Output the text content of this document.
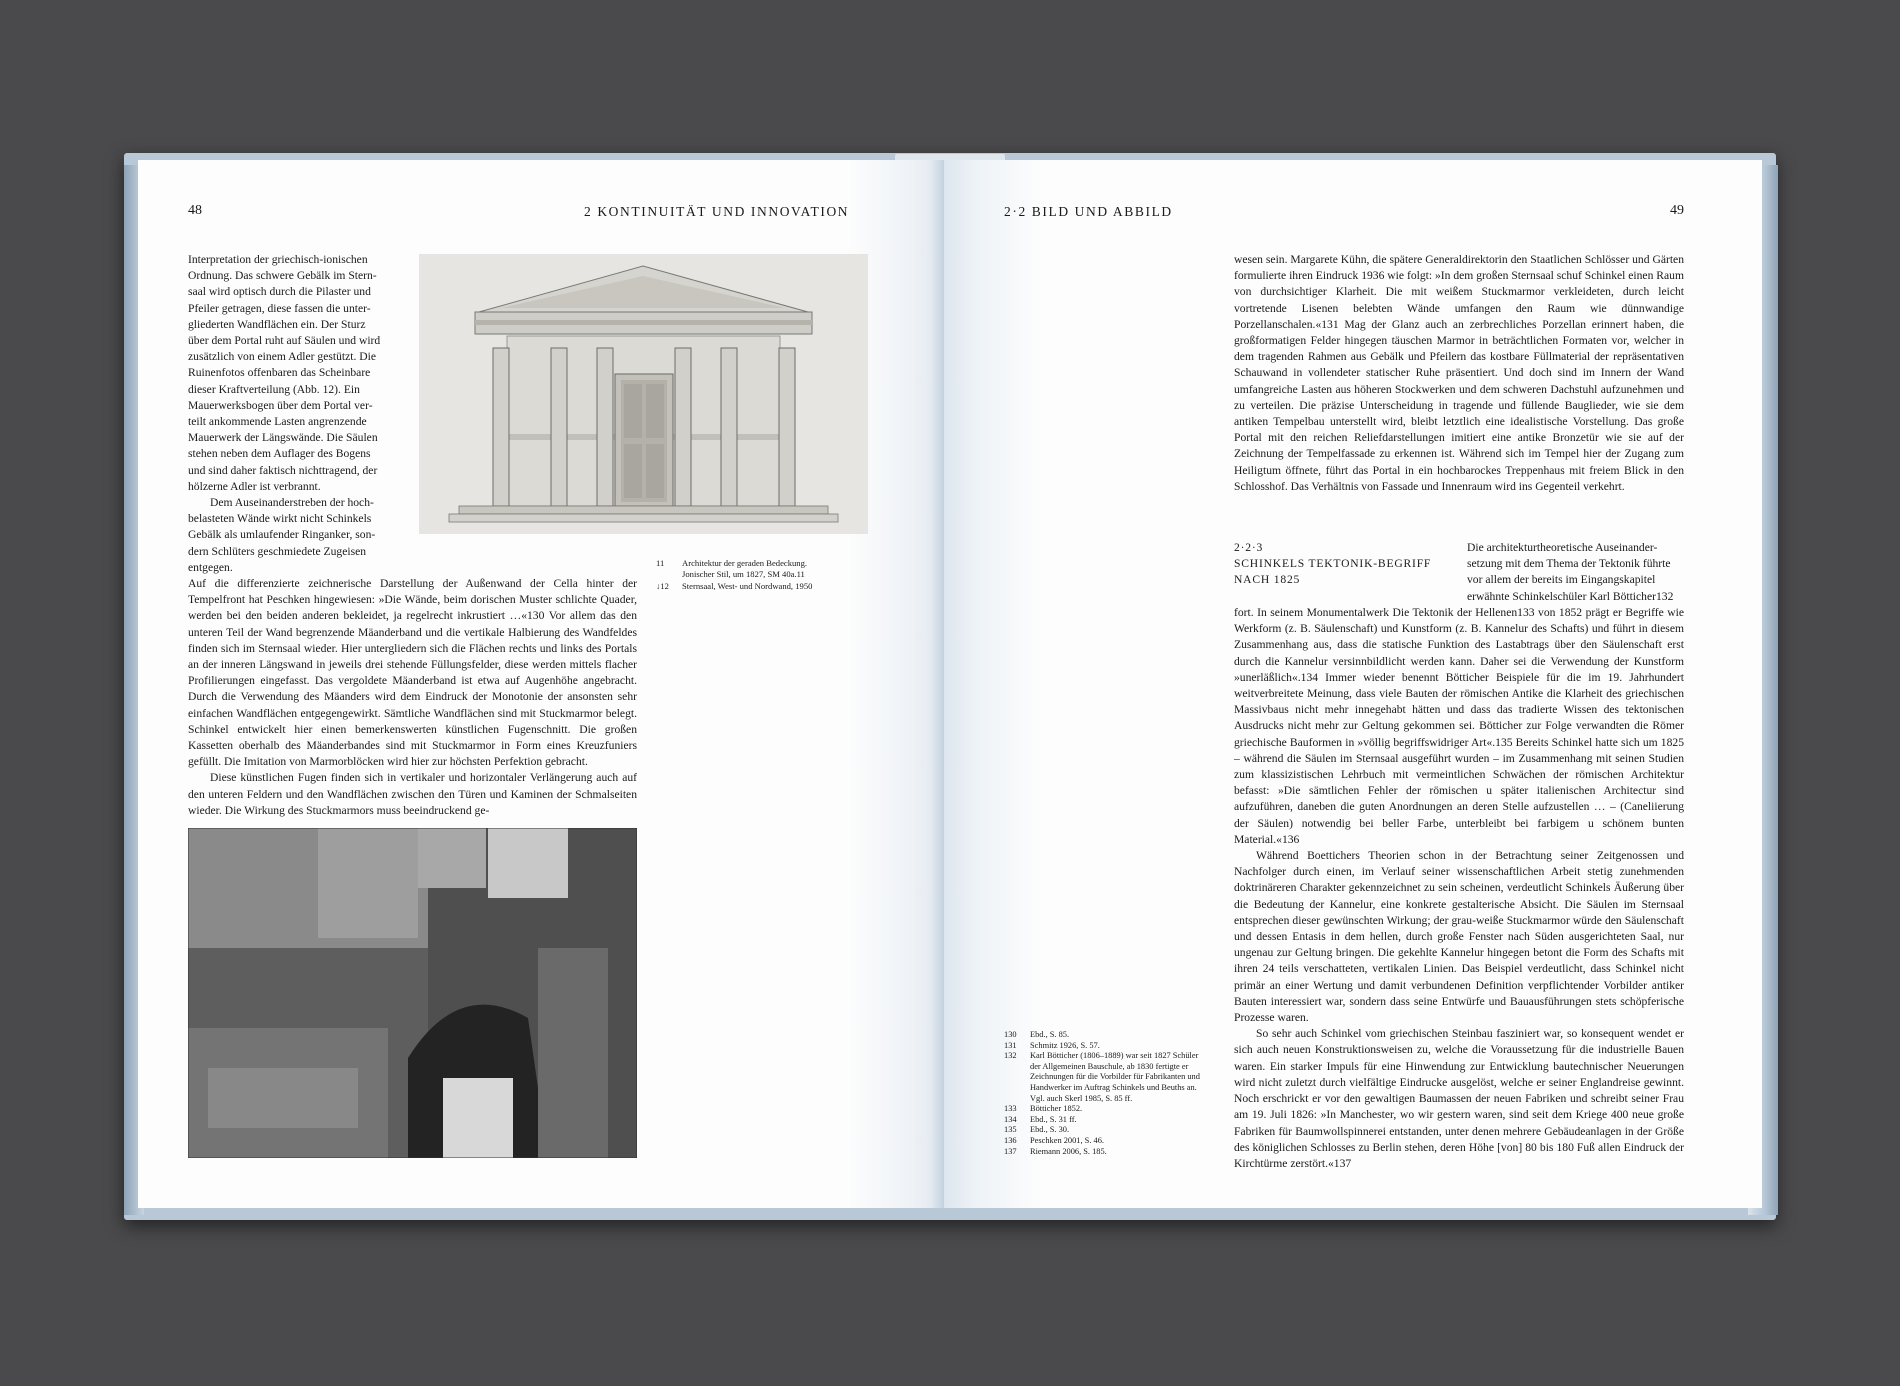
48	2 KONTINUITÄT UND INNOVATION
Interpretation der griechisch-ionischen
Ordnung. Das schwere Gebälk im Stern-
saal wird optisch durch die Pilaster und
Pfeiler getragen, diese fassen die unter-
gliederten Wandflächen ein. Der Sturz
über dem Portal ruht auf Säulen und wird
zusätzlich von einem Adler gestützt. Die
Ruinenfotos offenbaren das Scheinbare
dieser Kraftverteilung (Abb. 12). Ein
Mauerwerksbogen über dem Portal ver-
teilt ankommende Lasten angrenzende
Mauerwerk der Längswände. Die Säulen
stehen neben dem Auflager des Bogens
und sind daher faktisch nichttragend, der
hölzerne Adler ist verbrannt.
Dem Auseinanderstreben der hoch-
belasteten Wände wirkt nicht Schinkels
Gebälk als umlaufender Ringanker, son-
dern Schlüters geschmiedete Zugeisen
entgegen.	11	Architektur der geraden Bedeckung.
Jonischer Stil, um 1827, SM 40a.11
↓12	Sternsaal, West- und Nordwand, 1950

Auf die differenzierte zeichnerische Darstellung der Außenwand der Cella hinter der Tempelfront hat Peschken hingewiesen: »Die Wände, beim dorischen Muster schlichte Quader, werden bei den beiden anderen bekleidet, ja regelrecht inkrustiert …«130 Vor allem das den unteren Teil der Wand begrenzende Mäanderband und die vertikale Halbierung des Wandfeldes finden sich im Sternsaal wieder. Hier untergliedern sich die Flächen rechts und links des Portals an der inneren Längswand in jeweils drei stehende Füllungsfelder, diese werden mittels flacher Profilierungen eingefasst. Das vergoldete Mäanderband ist etwa auf Augenhöhe angebracht. Durch die Verwendung des Mäanders wird dem Eindruck der Monotonie der ansonsten sehr einfachen Wandflächen entgegengewirkt. Sämtliche Wandflächen sind mit Stuckmarmor belegt. Schinkel entwickelt hier einen bemerkenswerten künstlichen Fugenschnitt. Die großen Kassetten oberhalb des Mäanderbandes sind mit Stuckmarmor in Form eines Kreuzfuniers gefüllt. Die Imitation von Marmorblöcken wird hier zur höchsten Perfektion gebracht.

Diese künstlichen Fugen finden sich in vertikaler und horizontaler Verlängerung auch auf den unteren Feldern und den Wandflächen zwischen den Türen und Kaminen der Schmalseiten wieder. Die Wirkung des Stuckmarmors muss beeindruckend ge-

2·2 BILD UND ABBILD	49

wesen sein. Margarete Kühn, die spätere Generaldirektorin den Staatlichen Schlösser und Gärten formulierte ihren Eindruck 1936 wie folgt: »In dem großen Sternsaal schuf Schinkel einen Raum von durchsichtiger Klarheit. Die mit weißem Stuckmarmor verkleideten, durch leicht vortretende Lisenen belebten Wände umfangen den Raum wie dünnwandige Porzellanschalen.«131 Mag der Glanz auch an zerbrechliches Porzellan erinnert haben, die großformatigen Felder hingegen täuschen Marmor in beträchtlichen Formaten vor, welcher in dem tragenden Rahmen aus Gebälk und Pfeilern das kostbare Füllmaterial der repräsentativen Schauwand in vollendeter statischer Ruhe präsentiert. Und doch sind im Innern der Wand umfangreiche Lasten aus höheren Stockwerken und dem schweren Dachstuhl aufzunehmen und zu verteilen. Die präzise Unterscheidung in tragende und füllende Bauglieder, wie sie dem antiken Tempelbau unterstellt wird, bleibt letztlich eine idealistische Vorstellung. Das große Portal mit den reichen Reliefdarstellungen imitiert eine antike Bronzetür wie sie auf der Zeichnung der Tempelfassade zu erkennen ist. Während sich im Tempel hier der Zugang zum Heiligtum öffnete, führt das Portal in ein hochbarockes Treppenhaus mit freiem Blick in den Schlosshof. Das Verhältnis von Fassade und Innenraum wird ins Gegenteil verkehrt.

2·2·3
SCHINKELS TEKTONIK-BEGRIFF
NACH 1825
Die architekturtheoretische Auseinander-
setzung mit dem Thema der Tektonik führte
vor allem der bereits im Eingangskapitel
erwähnte Schinkelschüler Karl Bötticher132

fort. In seinem Monumentalwerk Die Tektonik der Hellenen133 von 1852 prägt er Begriffe wie Werkform (z. B. Säulenschaft) und Kunstform (z. B. Kannelur des Schafts) und führt in diesem Zusammenhang aus, dass die statische Funktion des Lastabtrags über den Säulenschaft erst durch die Kannelur versinnbildlicht werden kann. Daher sei die Verwendung der Kunstform »unerläßlich«.134 Immer wieder benennt Bötticher Beispiele für die im 19. Jahrhundert weitverbreitete Meinung, dass viele Bauten der römischen Antike die Klarheit des griechischen Massivbaus nicht mehr innegehabt hätten und dass das tradierte Wissen des tektonischen Ausdrucks nicht mehr zur Geltung gekommen sei. Bötticher zur Folge verwandten die Römer griechische Bauformen in »völlig begriffswidriger Art«.135 Bereits Schinkel hatte sich um 1825 – während die Säulen im Sternsaal ausgeführt wurden – im Zusammenhang mit seinen Studien zum klassizistischen Lehrbuch mit vermeintlichen Schwächen der römischen Architektur befasst: »Die sämtlichen Fehler der römischen u später italienischen Architectur sind aufzuführen, daneben die guten Anordnungen an deren Stelle aufzustellen … – (Caneliierung der Säulen) notwendig bei beller Farbe, unterbleibt bei farbigem u schönem bunten Material.«136

Während Boettichers Theorien schon in der Betrachtung seiner Zeitgenossen und Nachfolger durch einen, im Verlauf seiner wissenschaftlichen Arbeit stetig zunehmenden doktrinäreren Charakter gekennzeichnet zu sein scheinen, verdeutlicht Schinkels Äußerung über die Bedeutung der Kannelur, eine konkrete gestalterische Absicht. Die Säulen im Sternsaal entsprechen dieser gewünschten Wirkung; der grau-weiße Stuckmarmor würde den Säulenschaft und dessen Entasis in dem hellen, durch große Fenster nach Süden ausgerichteten Saal, nur ungenau zur Geltung bringen. Die gekehlte Kannelur hingegen betont die Form des Schafts mit ihren 24 teils verschatteten, vertikalen Linien. Das Beispiel verdeutlicht, dass Schinkel nicht primär an einer Wertung und damit verbundenen Definition verpflichtender Vorbilder antiker Bauten interessiert war, sondern dass seine Entwürfe und Bauausführungen stets schöpferische Prozesse waren.

So sehr auch Schinkel vom griechischen Steinbau fasziniert war, so konsequent wendet er sich auch neuen Konstruktionsweisen zu, welche die Voraussetzung für die industrielle Bauen waren. Ein starker Impuls für eine Hinwendung zur Entwicklung bautechnischer Neuerungen wird nicht zuletzt durch vielfältige Eindrucke ausgelöst, welche er seiner Englandreise gewinnt. Noch erschrickt er vor den gewaltigen Baumassen der neuen Fabriken und schreibt seiner Frau am 19. Juli 1826: »In Manchester, wo wir gestern waren, sind seit dem Kriege 400 neue große Fabriken für Baumwollspinnerei entstanden, unter denen mehrere Gebäudeanlagen in der Größe des königlichen Schlosses zu Berlin stehen, deren Höhe [von] 80 bis 180 Fuß allen Eindruck der Kirchtürme zerstört.«137

130	Ebd., S. 85.
131	Schmitz 1926, S. 57.
132	Karl Bötticher (1806–1889) war seit 1827 Schüler
der Allgemeinen Bauschule, ab 1830 fertigte er
Zeichnungen für die Vorbilder für Fabrikanten und
Handwerker im Auftrag Schinkels und Beuths an.
Vgl. auch Skerl 1985, S. 85 ff.
133	Bötticher 1852.
134	Ebd., S. 31 ff.
135	Ebd., S. 30.
136	Peschken 2001, S. 46.
137	Riemann 2006, S. 185.
